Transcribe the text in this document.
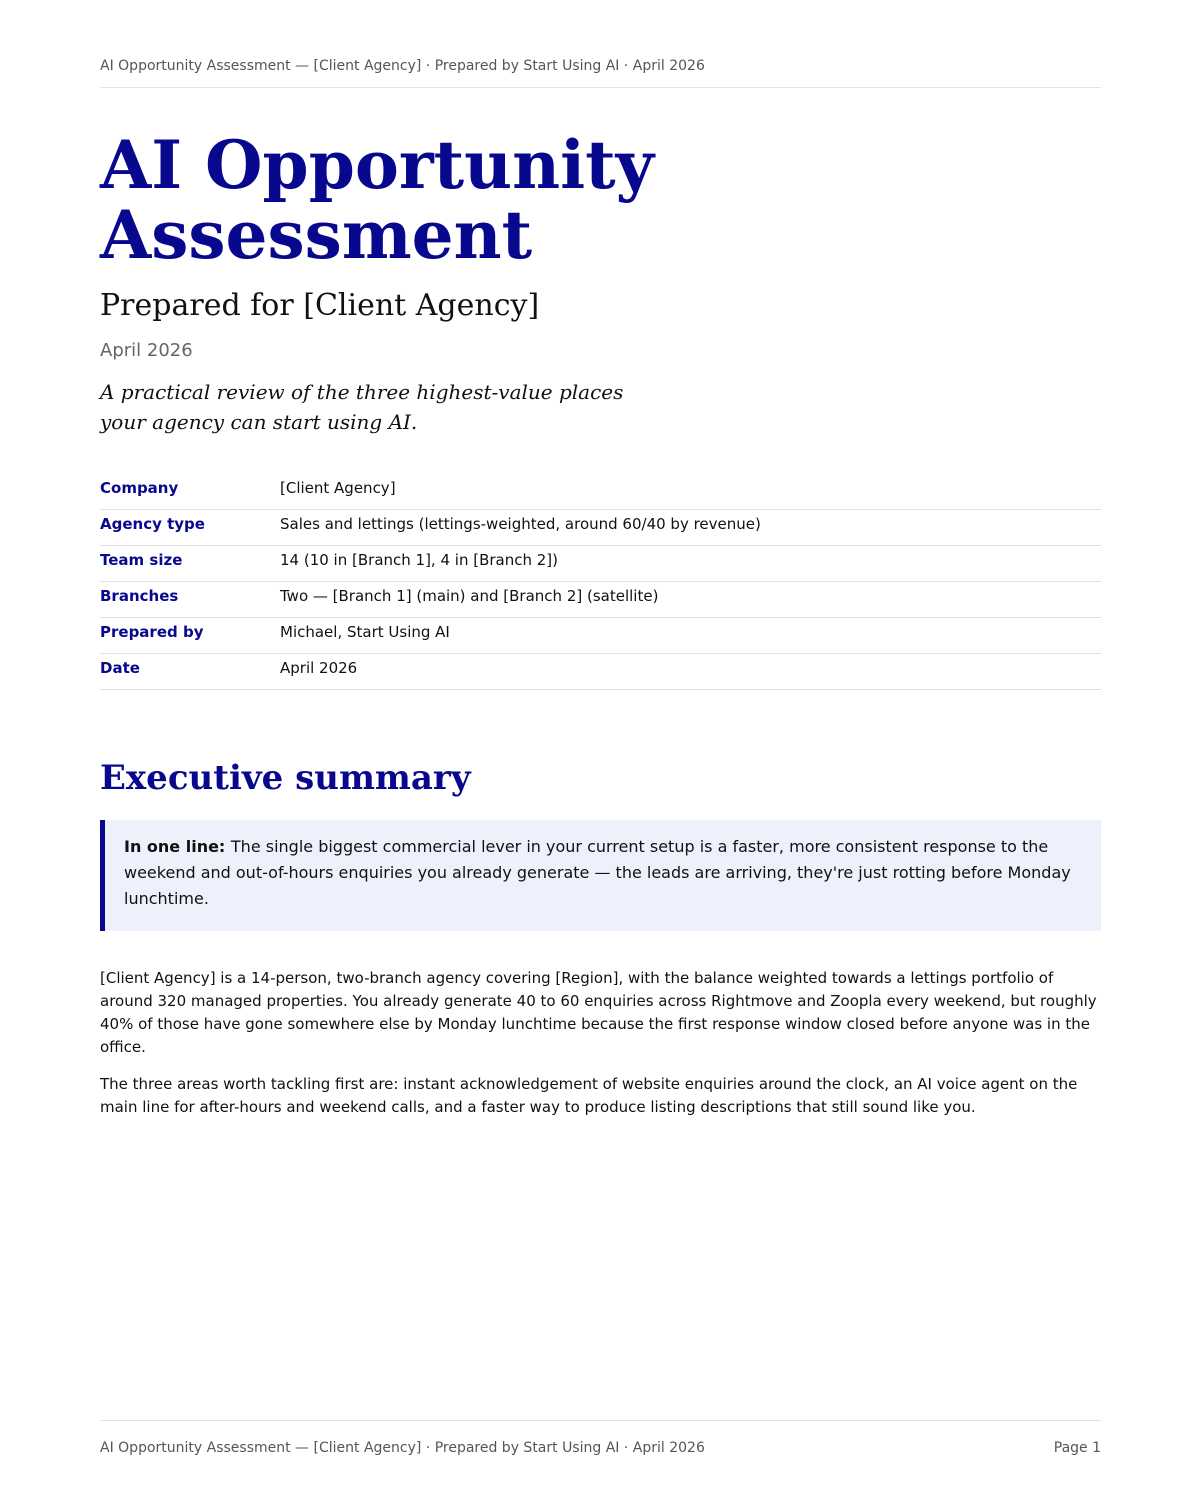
AI Opportunity Assessment — [Client Agency] · Prepared by Start Using AI · April 2026
AI Opportunity
Assessment
Prepared for [Client Agency]
April 2026
A practical review of the three highest-value places your agency can start using AI.
Company	[Client Agency]
Agency type	Sales and lettings (lettings-weighted, around 60/40 by revenue)
Team size	14 (10 in [Branch 1], 4 in [Branch 2])
Branches	Two — [Branch 1] (main) and [Branch 2] (satellite)
Prepared by	Michael, Start Using AI
Date	April 2026
Executive summary
In one line: The single biggest commercial lever in your current setup is a faster, more consistent response to the weekend and out-of-hours enquiries you already generate — the leads are arriving, they're just rotting before Monday lunchtime.

[Client Agency] is a 14-person, two-branch agency covering [Region], with the balance weighted towards a lettings portfolio of around 320 managed properties. You already generate 40 to 60 enquiries across Rightmove and Zoopla every weekend, but roughly 40% of those have gone somewhere else by Monday lunchtime because the first response window closed before anyone was in the office.

The three areas worth tackling first are: instant acknowledgement of website enquiries around the clock, an AI voice agent on the main line for after-hours and weekend calls, and a faster way to produce listing descriptions that still sound like you.

AI Opportunity Assessment — [Client Agency] · Prepared by Start Using AI · April 2026	Page 1
